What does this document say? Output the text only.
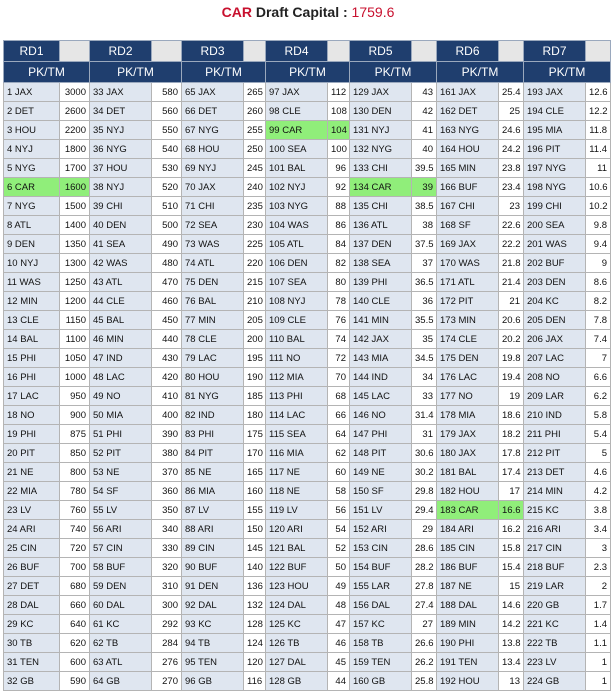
CAR Draft Capital : 1759.6
RD1		RD2		RD3		RD4		RD5		RD6		RD7	
PK/TM		PK/TM		PK/TM		PK/TM		PK/TM		PK/TM		PK/TM	
1 JAX	3000	33 JAX	580	65 JAX	265	97 JAX	112	129 JAX	43	161 JAX	25.4	193 JAX	12.6
2 DET	2600	34 DET	560	66 DET	260	98 CLE	108	130 DEN	42	162 DET	25	194 CLE	12.2
3 HOU	2200	35 NYJ	550	67 NYG	255	99 CAR	104	131 NYJ	41	163 NYG	24.6	195 MIA	11.8
4 NYJ	1800	36 NYG	540	68 HOU	250	100 SEA	100	132 NYG	40	164 HOU	24.2	196 PIT	11.4
5 NYG	1700	37 HOU	530	69 NYJ	245	101 BAL	96	133 CHI	39.5	165 MIN	23.8	197 NYG	11
6 CAR	1600	38 NYJ	520	70 JAX	240	102 NYJ	92	134 CAR	39	166 BUF	23.4	198 NYG	10.6
7 NYG	1500	39 CHI	510	71 CHI	235	103 NYG	88	135 CHI	38.5	167 CHI	23	199 CHI	10.2
8 ATL	1400	40 DEN	500	72 SEA	230	104 WAS	86	136 ATL	38	168 SF	22.6	200 SEA	9.8
9 DEN	1350	41 SEA	490	73 WAS	225	105 ATL	84	137 DEN	37.5	169 JAX	22.2	201 WAS	9.4
10 NYJ	1300	42 WAS	480	74 ATL	220	106 DEN	82	138 SEA	37	170 WAS	21.8	202 BUF	9
11 WAS	1250	43 ATL	470	75 DEN	215	107 SEA	80	139 PHI	36.5	171 ATL	21.4	203 DEN	8.6
12 MIN	1200	44 CLE	460	76 BAL	210	108 NYJ	78	140 CLE	36	172 PIT	21	204 KC	8.2
13 CLE	1150	45 BAL	450	77 MIN	205	109 CLE	76	141 MIN	35.5	173 MIN	20.6	205 DEN	7.8
14 BAL	1100	46 MIN	440	78 CLE	200	110 BAL	74	142 JAX	35	174 CLE	20.2	206 JAX	7.4
15 PHI	1050	47 IND	430	79 LAC	195	111 NO	72	143 MIA	34.5	175 DEN	19.8	207 LAC	7
16 PHI	1000	48 LAC	420	80 HOU	190	112 MIA	70	144 IND	34	176 LAC	19.4	208 NO	6.6
17 LAC	950	49 NO	410	81 NYG	185	113 PHI	68	145 LAC	33	177 NO	19	209 LAR	6.2
18 NO	900	50 MIA	400	82 IND	180	114 LAC	66	146 NO	31.4	178 MIA	18.6	210 IND	5.8
19 PHI	875	51 PHI	390	83 PHI	175	115 SEA	64	147 PHI	31	179 JAX	18.2	211 PHI	5.4
20 PIT	850	52 PIT	380	84 PIT	170	116 MIA	62	148 PIT	30.6	180 JAX	17.8	212 PIT	5
21 NE	800	53 NE	370	85 NE	165	117 NE	60	149 NE	30.2	181 BAL	17.4	213 DET	4.6
22 MIA	780	54 SF	360	86 MIA	160	118 NE	58	150 SF	29.8	182 HOU	17	214 MIN	4.2
23 LV	760	55 LV	350	87 LV	155	119 LV	56	151 LV	29.4	183 CAR	16.6	215 KC	3.8
24 ARI	740	56 ARI	340	88 ARI	150	120 ARI	54	152 ARI	29	184 ARI	16.2	216 ARI	3.4
25 CIN	720	57 CIN	330	89 CIN	145	121 BAL	52	153 CIN	28.6	185 CIN	15.8	217 CIN	3
26 BUF	700	58 BUF	320	90 BUF	140	122 BUF	50	154 BUF	28.2	186 BUF	15.4	218 BUF	2.3
27 DET	680	59 DEN	310	91 DEN	136	123 HOU	49	155 LAR	27.8	187 NE	15	219 LAR	2
28 DAL	660	60 DAL	300	92 DAL	132	124 DAL	48	156 DAL	27.4	188 DAL	14.6	220 GB	1.7
29 KC	640	61 KC	292	93 KC	128	125 KC	47	157 KC	27	189 MIN	14.2	221 KC	1.4
30 TB	620	62 TB	284	94 TB	124	126 TB	46	158 TB	26.6	190 PHI	13.8	222 TB	1.1
31 TEN	600	63 ATL	276	95 TEN	120	127 DAL	45	159 TEN	26.2	191 TEN	13.4	223 LV	1
32 GB	590	64 GB	270	96 GB	116	128 GB	44	160 GB	25.8	192 HOU	13	224 GB	1
